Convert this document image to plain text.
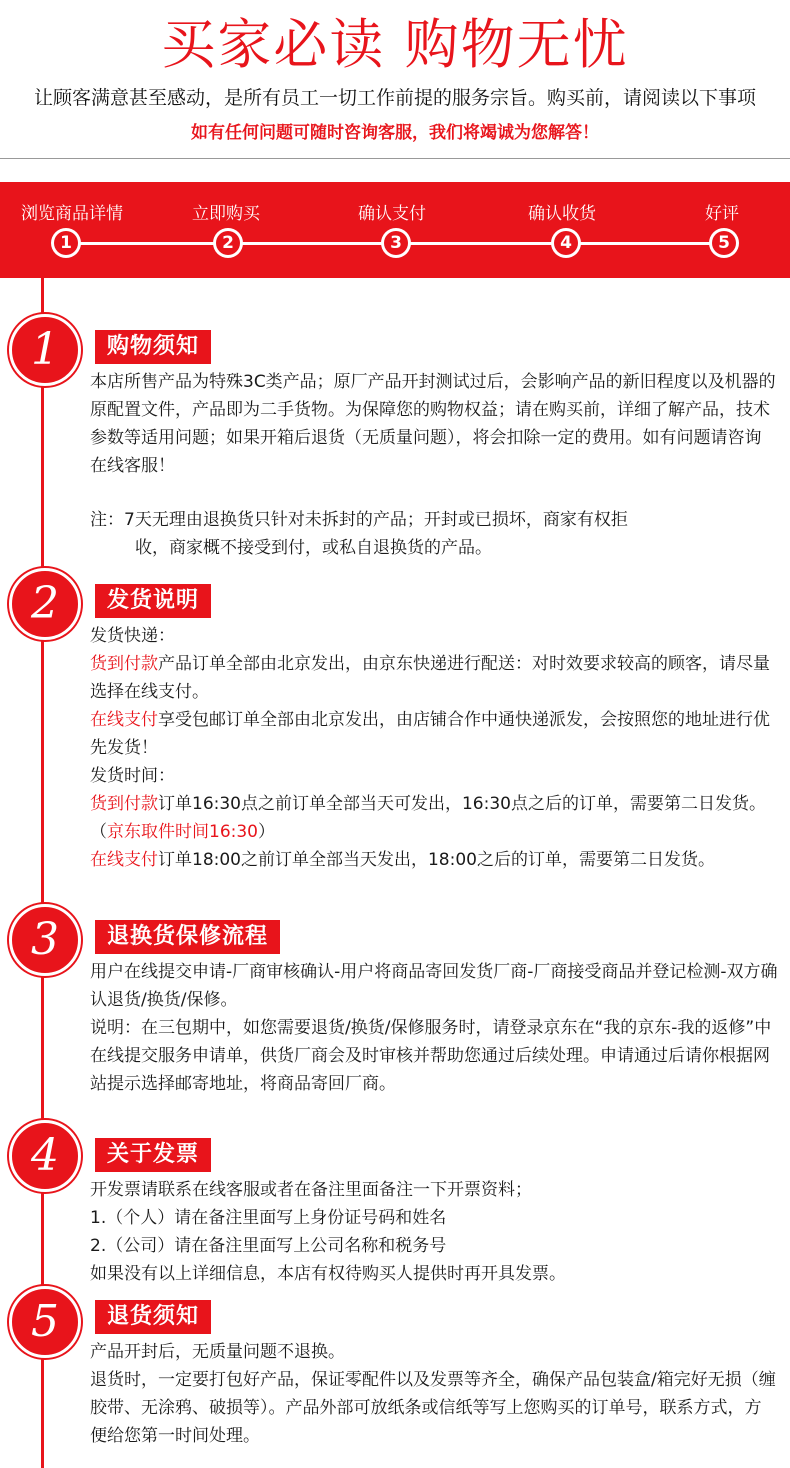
买家必读 购物无忧
让顾客满意甚至感动，是所有员工一切工作前提的服务宗旨。购买前，请阅读以下事项
如有任何问题可随时咨询客服，我们将竭诚为您解答！
浏览商品详情
1
立即购买
2
确认支付
3
确认收货
4
好评
5
1	购物须知

本店所售产品为特殊3C类产品；原厂产品开封测试过后，会影响产品的新旧程度以及机器的原配置文件，产品即为二手货物。为保障您的购物权益；请在购买前，详细了解产品，技术参数等适用问题；如果开箱后退货（无质量问题），将会扣除一定的费用。如有问题请咨询在线客服！

注：7天无理由退换货只针对未拆封的产品；开封或已损坏，商家有权拒

收，商家概不接受到付，或私自退换货的产品。

2	发货说明

发货快递：

货到付款产品订单全部由北京发出，由京东快递进行配送：对时效要求较高的顾客，请尽量选择在线支付。

在线支付享受包邮订单全部由北京发出，由店铺合作中通快递派发，会按照您的地址进行优先发货！

发货时间：

货到付款订单16:30点之前订单全部当天可发出，16:30点之后的订单，需要第二日发货。（京东取件时间16:30）

在线支付订单18:00之前订单全部当天发出，18:00之后的订单，需要第二日发货。

3	退换货保修流程

用户在线提交申请-厂商审核确认-用户将商品寄回发货厂商-厂商接受商品并登记检测-双方确认退货/换货/保修。

说明：在三包期中，如您需要退货/换货/保修服务时，请登录京东在“我的京东-我的返修”中在线提交服务申请单，供货厂商会及时审核并帮助您通过后续处理。申请通过后请你根据网站提示选择邮寄地址，将商品寄回厂商。

4	关于发票

开发票请联系在线客服或者在备注里面备注一下开票资料；

1.（个人）请在备注里面写上身份证号码和姓名

2.（公司）请在备注里面写上公司名称和税务号

如果没有以上详细信息，本店有权待购买人提供时再开具发票。

5	退货须知

产品开封后，无质量问题不退换。

退货时，一定要打包好产品，保证零配件以及发票等齐全，确保产品包装盒/箱完好无损（缠胶带、无涂鸦、破损等）。产品外部可放纸条或信纸等写上您购买的订单号，联系方式，方便给您第一时间处理。
